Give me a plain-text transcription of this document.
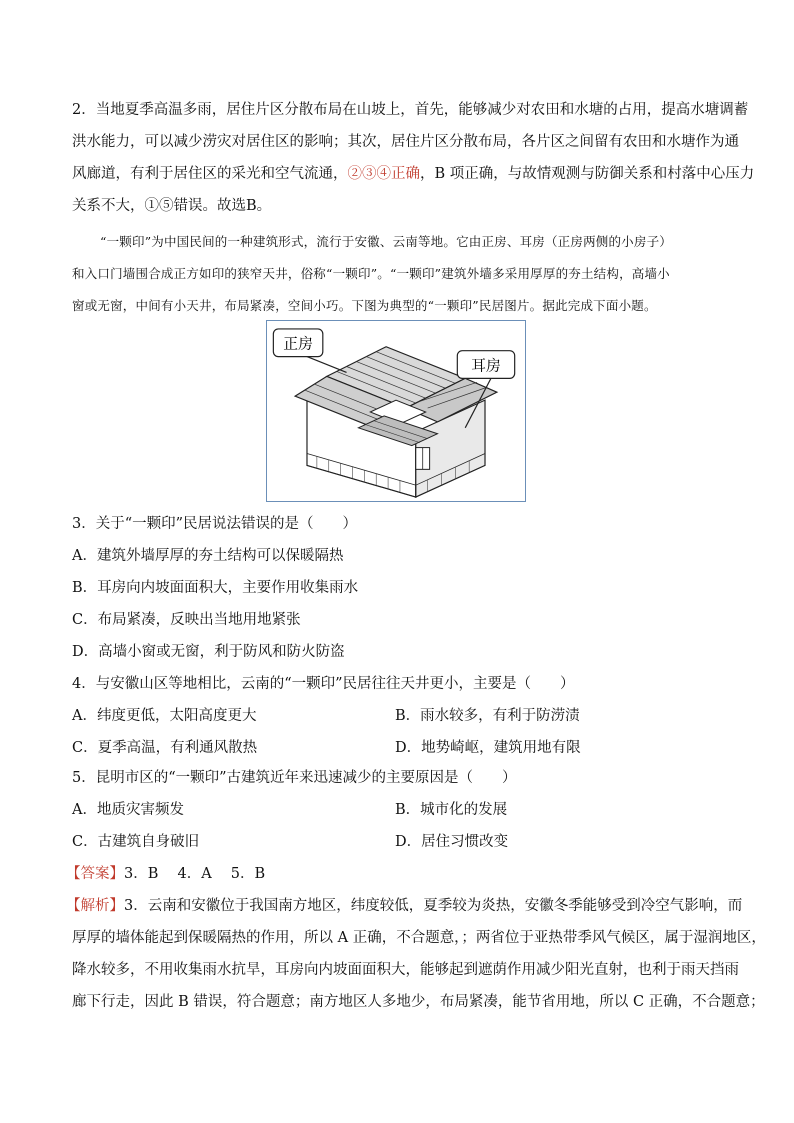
2．当地夏季高温多雨，居住片区分散布局在山坡上，首先，能够减少对农田和水塘的占用，提高水塘调蓄
洪水能力，可以减少涝灾对居住区的影响；其次，居住片区分散布局，各片区之间留有农田和水塘作为通
风廊道，有利于居住区的采光和空气流通，②③④正确，B 项正确，与故情观测与防御关系和村落中心压力
关系不大，①⑤错误。故选B。
“一颗印”为中国民间的一种建筑形式，流行于安徽、云南等地。它由正房、耳房（正房两侧的小房子）
和入口门墙围合成正方如印的狭窄天井，俗称“一颗印”。“一颗印”建筑外墙多采用厚厚的夯土结构，高墙小
窗或无窗，中间有小天井，布局紧凑，空间小巧。下图为典型的“一颗印”民居图片。据此完成下面小题。
正房
耳房
3．关于“一颗印”民居说法错误的是（　　）
A．建筑外墙厚厚的夯土结构可以保暖隔热
B．耳房向内坡面面积大，主要作用收集雨水
C．布局紧凑，反映出当地用地紧张
D．高墙小窗或无窗，利于防风和防火防盗
4．与安徽山区等地相比，云南的“一颗印”民居往往天井更小，主要是（　　）
A．纬度更低，太阳高度更大	B．雨水较多，有利于防涝渍
C．夏季高温，有利通风散热	D．地势崎岖，建筑用地有限
5．昆明市区的“一颗印”古建筑近年来迅速减少的主要原因是（　　）
A．地质灾害频发	B．城市化的发展
C．古建筑自身破旧	D．居住习惯改变
【答案】3．B　 4．A　 5．B
【解析】3．云南和安徽位于我国南方地区，纬度较低，夏季较为炎热，安徽冬季能够受到冷空气影响，而
厚厚的墙体能起到保暖隔热的作用，所以 A 正确，不合题意，；两省位于亚热带季风气候区，属于湿润地区，
降水较多，不用收集雨水抗旱，耳房向内坡面面积大，能够起到遮荫作用减少阳光直射，也利于雨天挡雨
廊下行走，因此 B 错误，符合题意；南方地区人多地少，布局紧凑，能节省用地，所以 C 正确，不合题意；
